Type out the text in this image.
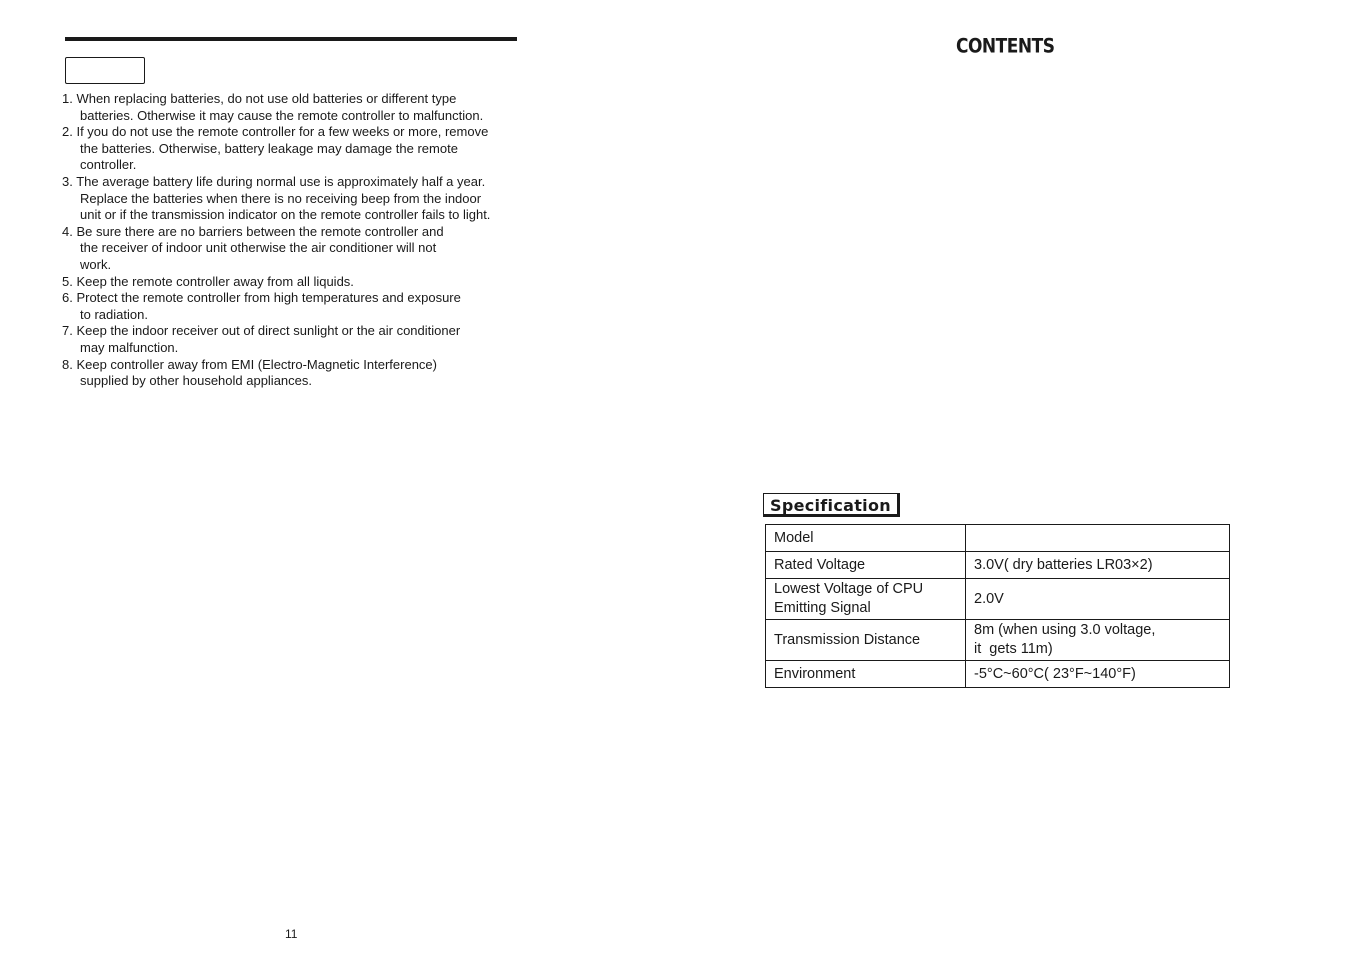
1. When replacing batteries, do not use old batteries or different type
batteries. Otherwise it may cause the remote controller to malfunction.
2. If you do not use the remote controller for a few weeks or more, remove
the batteries. Otherwise, battery leakage may damage the remote
controller.
3. The average battery life during normal use is approximately half a year.
Replace the batteries when there is no receiving beep from the indoor
unit or if the transmission indicator on the remote controller fails to light.
4. Be sure there are no barriers between the remote controller and
the receiver of indoor unit otherwise the air conditioner will not
work.
5. Keep the remote controller away from all liquids.
6. Protect the remote controller from high temperatures and exposure
to radiation.
7. Keep the indoor receiver out of direct sunlight or the air conditioner
may malfunction.
8. Keep controller away from EMI (Electro-Magnetic Interference)
supplied by other household appliances.
11
CONTENTS
Specification
Model	

Rated Voltage	3.0V( dry batteries LR03×2)

Lowest Voltage of CPU
Emitting Signal	2.0V

Transmission Distance	8m (when using 3.0 voltage,
it  gets 11m)

Environment	-5°C~60°C( 23°F~140°F)
